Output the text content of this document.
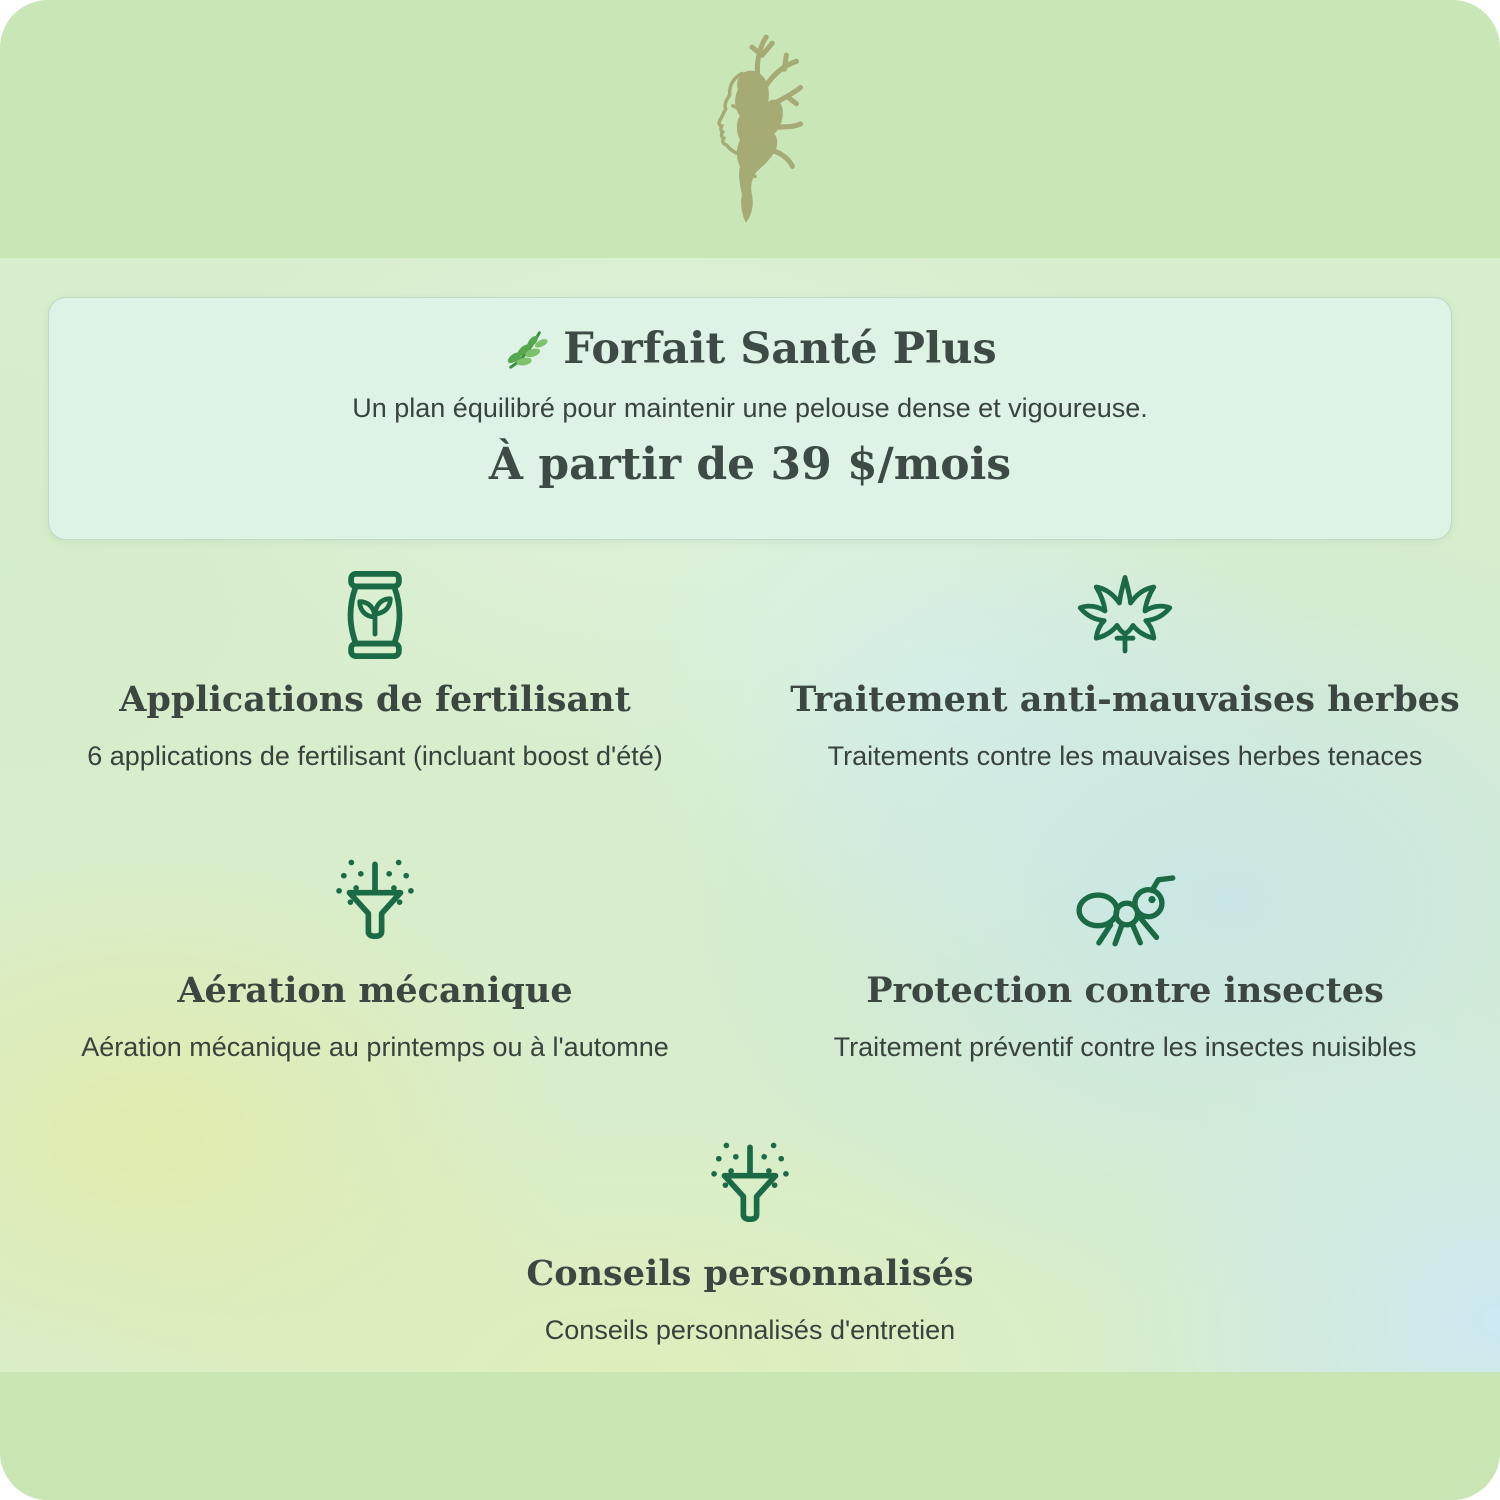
Forfait Santé Plus
Un plan équilibré pour maintenir une pelouse dense et vigoureuse.
À partir de 39 $/mois
Applications de fertilisant
6 applications de fertilisant (incluant boost d'été)
Traitement anti-mauvaises herbes
Traitements contre les mauvaises herbes tenaces
Aération mécanique
Aération mécanique au printemps ou à l'automne
Protection contre insectes
Traitement préventif contre les insectes nuisibles
Conseils personnalisés
Conseils personnalisés d'entretien
